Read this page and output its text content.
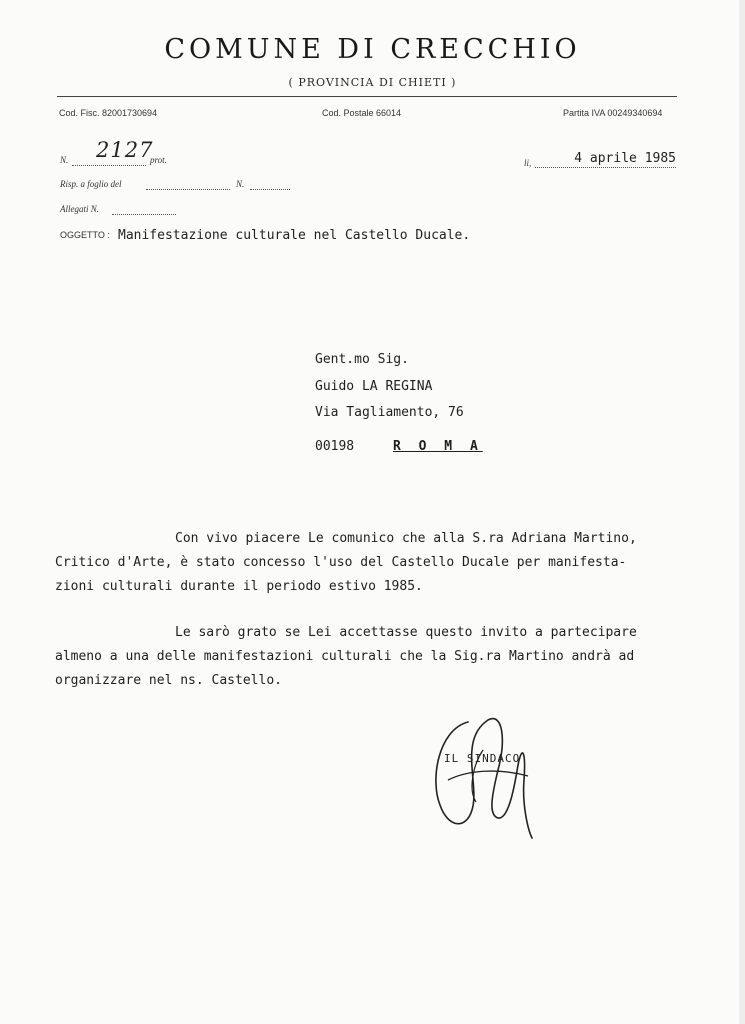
COMUNE DI CRECCHIO
( PROVINCIA DI CHIETI )
Cod. Fisc. 82001730694	Cod. Postale 66014	Partita IVA 00249340694
N. 2127
prot.
Risp. a foglio del	N.
Allegati N.
li,	4 aprile 1985
OGGETTO : Manifestazione culturale nel Castello Ducale.
Gent.mo Sig.
Guido LA REGINA
Via Tagliamento, 76
00198	R O M A
Con vivo piacere Le comunico che alla S.ra Adriana Martino,
Critico d'Arte, è stato concesso l'uso del Castello Ducale per manifesta-
zioni culturali durante il periodo estivo 1985.
Le sarò grato se Lei accettasse questo invito a partecipare
almeno a una delle manifestazioni culturali che la Sig.ra Martino andrà ad
organizzare nel ns. Castello.
IL SINDACO
